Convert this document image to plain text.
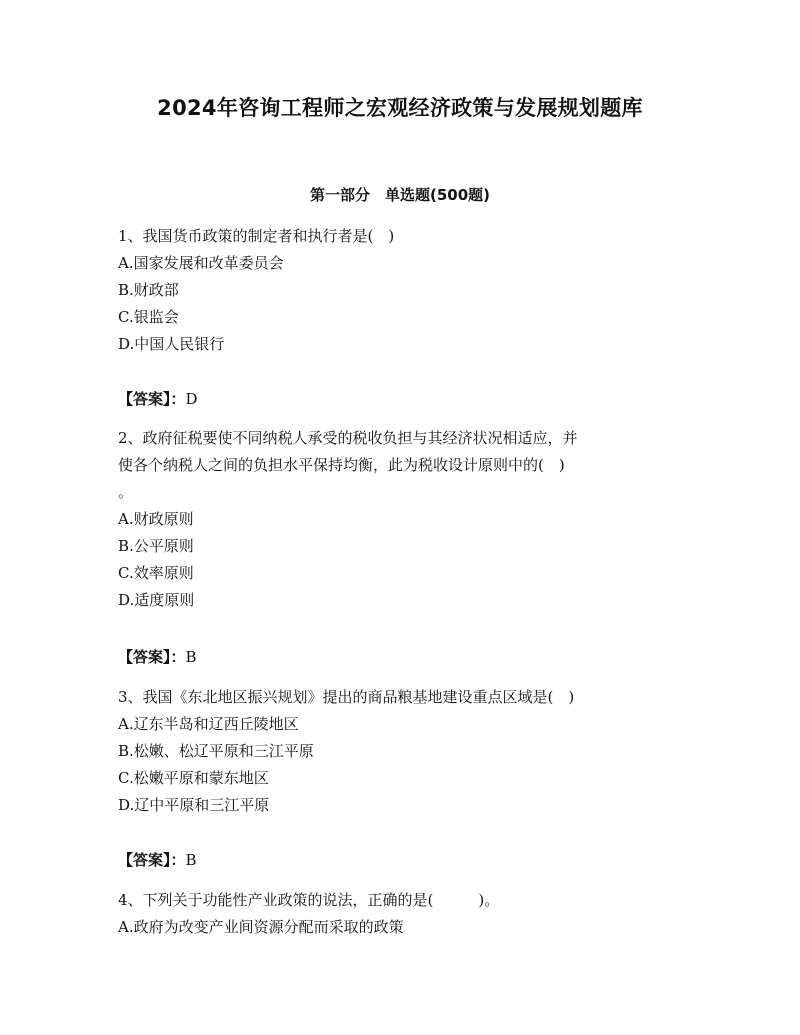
2024年咨询工程师之宏观经济政策与发展规划题库
第一部分　单选题(500题)
1、我国货币政策的制定者和执行者是(　)
A.国家发展和改革委员会
B.财政部
C.银监会
D.中国人民银行
【答案】：D
2、政府征税要使不同纳税人承受的税收负担与其经济状况相适应，并
使各个纳税人之间的负担水平保持均衡，此为税收设计原则中的(　)
。
A.财政原则
B.公平原则
C.效率原则
D.适度原则
【答案】：B
3、我国《东北地区振兴规划》提出的商品粮基地建设重点区域是(　)
A.辽东半岛和辽西丘陵地区
B.松嫩、松辽平原和三江平原
C.松嫩平原和蒙东地区
D.辽中平原和三江平原
【答案】：B
4、下列关于功能性产业政策的说法，正确的是(　　　)。
A.政府为改变产业间资源分配而采取的政策
